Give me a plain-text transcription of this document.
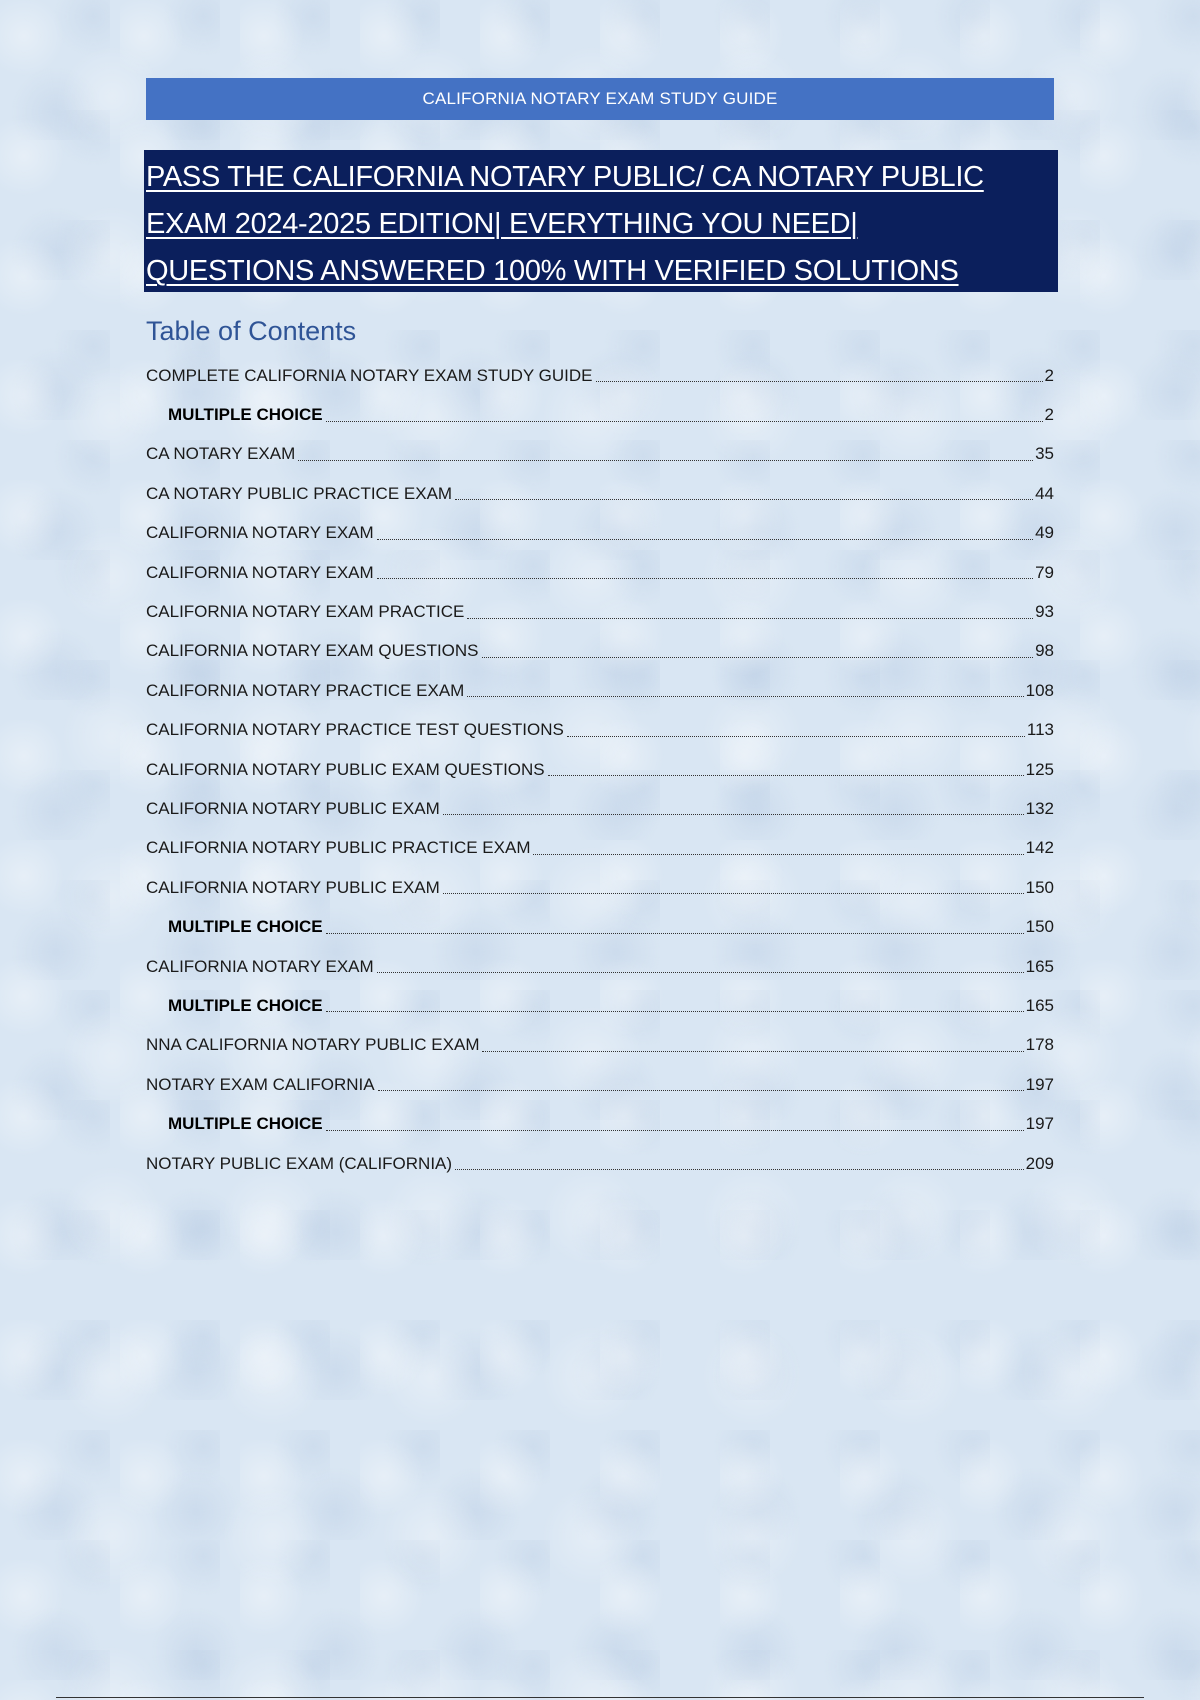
CALIFORNIA NOTARY EXAM STUDY GUIDE
PASS THE CALIFORNIA NOTARY PUBLIC/ CA NOTARY PUBLIC
EXAM 2024-2025 EDITION| EVERYTHING YOU NEED|
QUESTIONS ANSWERED 100% WITH VERIFIED SOLUTIONS
Table of Contents
COMPLETE CALIFORNIA NOTARY EXAM STUDY GUIDE	2
MULTIPLE CHOICE	2
CA NOTARY EXAM	35
CA NOTARY PUBLIC PRACTICE EXAM	44
CALIFORNIA NOTARY EXAM	49
CALIFORNIA NOTARY EXAM	79
CALIFORNIA NOTARY EXAM PRACTICE	93
CALIFORNIA NOTARY EXAM QUESTIONS	98
CALIFORNIA NOTARY PRACTICE EXAM	108
CALIFORNIA NOTARY PRACTICE TEST QUESTIONS	113
CALIFORNIA NOTARY PUBLIC EXAM QUESTIONS	125
CALIFORNIA NOTARY PUBLIC EXAM	132
CALIFORNIA NOTARY PUBLIC PRACTICE EXAM	142
CALIFORNIA NOTARY PUBLIC EXAM	150
MULTIPLE CHOICE	150
CALIFORNIA NOTARY EXAM	165
MULTIPLE CHOICE	165
NNA CALIFORNIA NOTARY PUBLIC EXAM	178
NOTARY EXAM CALIFORNIA	197
MULTIPLE CHOICE	197
NOTARY PUBLIC EXAM (CALIFORNIA)	209
